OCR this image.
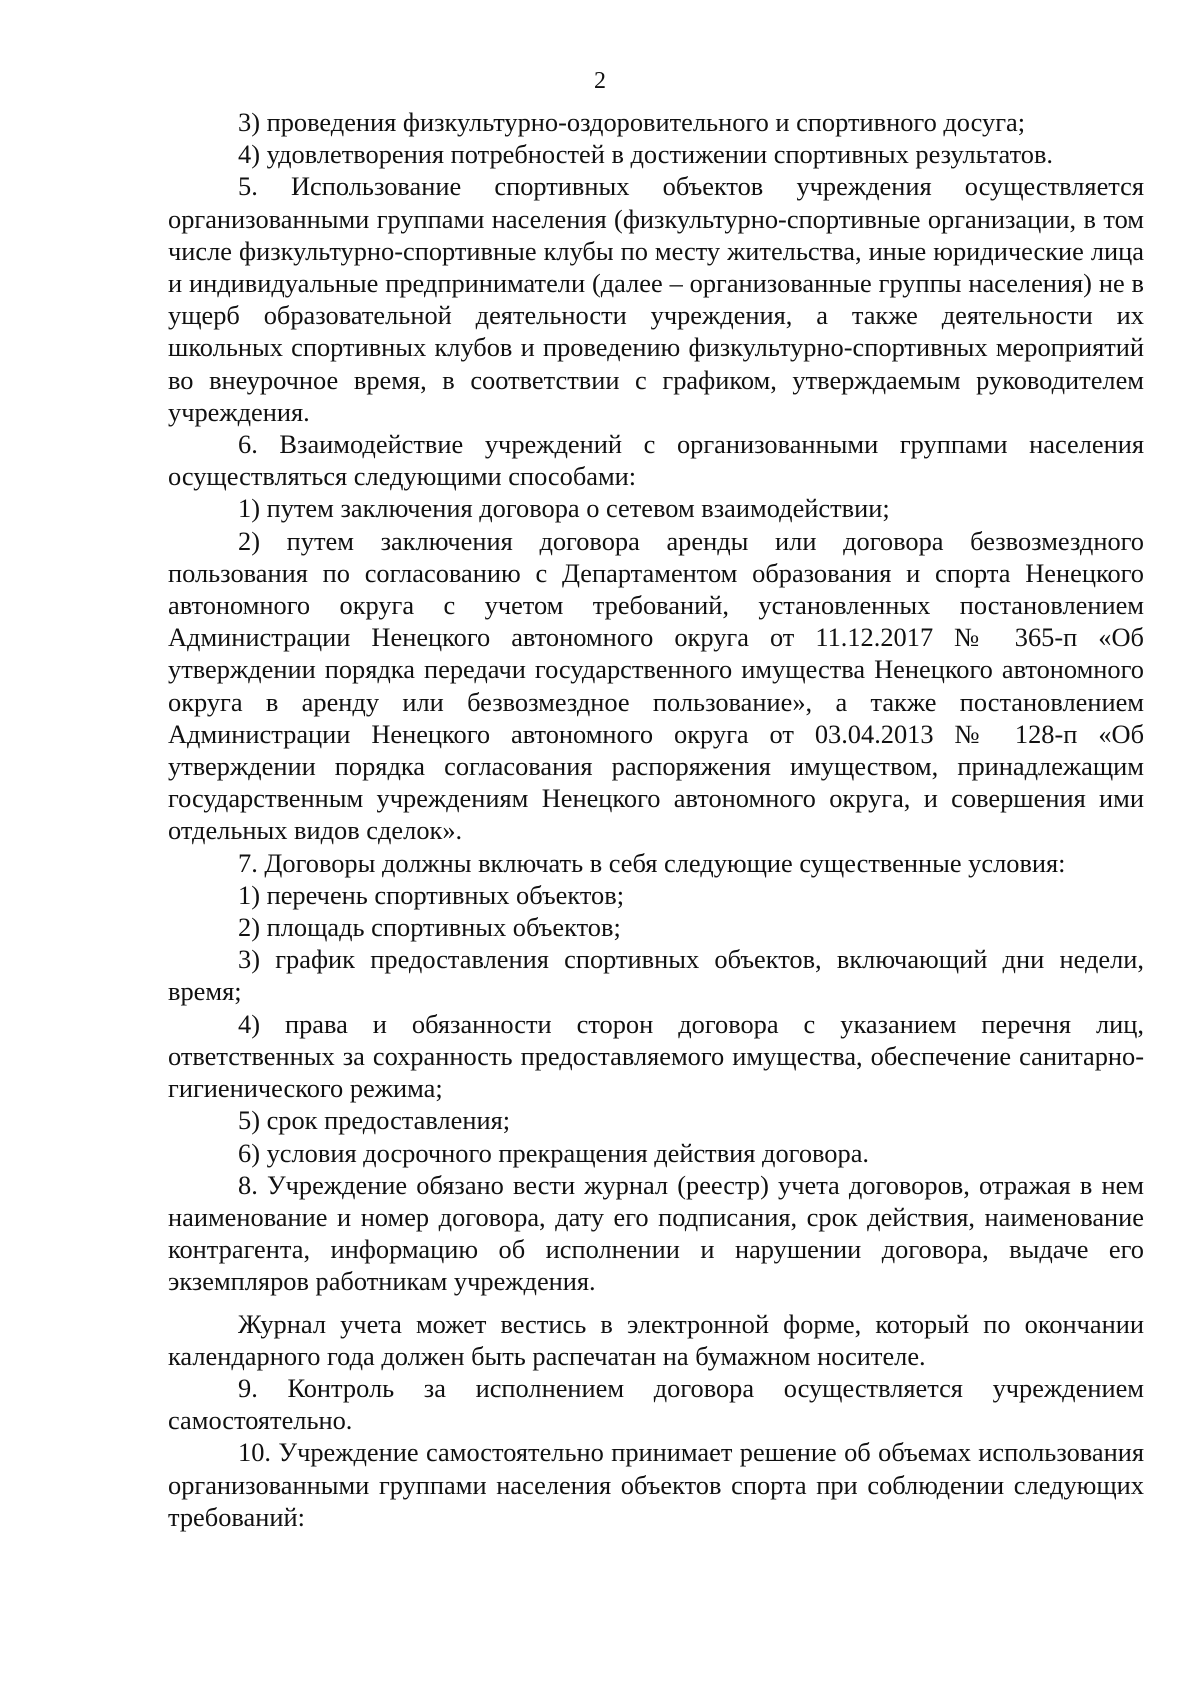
2

3) проведения физкультурно-оздоровительного и спортивного досуга;

4) удовлетворения потребностей в достижении спортивных результатов.

5. Использование спортивных объектов учреждения осуществляется организованными группами населения (физкультурно-спортивные организации, в том числе физкультурно-спортивные клубы по месту жительства, иные юридические лица и индивидуальные предприниматели (далее – организованные группы населения) не в ущерб образовательной деятельности учреждения, а также деятельности их школьных спортивных клубов и проведению физкультурно-спортивных мероприятий во внеурочное время, в соответствии с графиком, утверждаемым руководителем учреждения.

6. Взаимодействие учреждений с организованными группами населения осуществляться следующими способами:

1) путем заключения договора о сетевом взаимодействии;

2) путем заключения договора аренды или договора безвозмездного пользования по согласованию с Департаментом образования и спорта Ненецкого автономного округа с учетом требований, установленных постановлением Администрации Ненецкого автономного округа от 11.12.2017 № 365-п «Об утверждении порядка передачи государственного имущества Ненецкого автономного округа в аренду или безвозмездное пользование», а также постановлением Администрации Ненецкого автономного округа от 03.04.2013 № 128-п «Об утверждении порядка согласования распоряжения имуществом, принадлежащим государственным учреждениям Ненецкого автономного округа, и совершения ими отдельных видов сделок».

7. Договоры должны включать в себя следующие существенные условия:

1) перечень спортивных объектов;

2) площадь спортивных объектов;

3) график предоставления спортивных объектов, включающий дни недели, время;

4) права и обязанности сторон договора с указанием перечня лиц, ответственных за сохранность предоставляемого имущества, обеспечение санитарно-гигиенического режима;

5) срок предоставления;

6) условия досрочного прекращения действия договора.

8. Учреждение обязано вести журнал (реестр) учета договоров, отражая в нем наименование и номер договора, дату его подписания, срок действия, наименование контрагента, информацию об исполнении и нарушении договора, выдаче его экземпляров работникам учреждения.

Журнал учета может вестись в электронной форме, который по окончании календарного года должен быть распечатан на бумажном носителе.

9. Контроль за исполнением договора осуществляется учреждением самостоятельно.

10. Учреждение самостоятельно принимает решение об объемах использования организованными группами населения объектов спорта при соблюдении следующих требований:
